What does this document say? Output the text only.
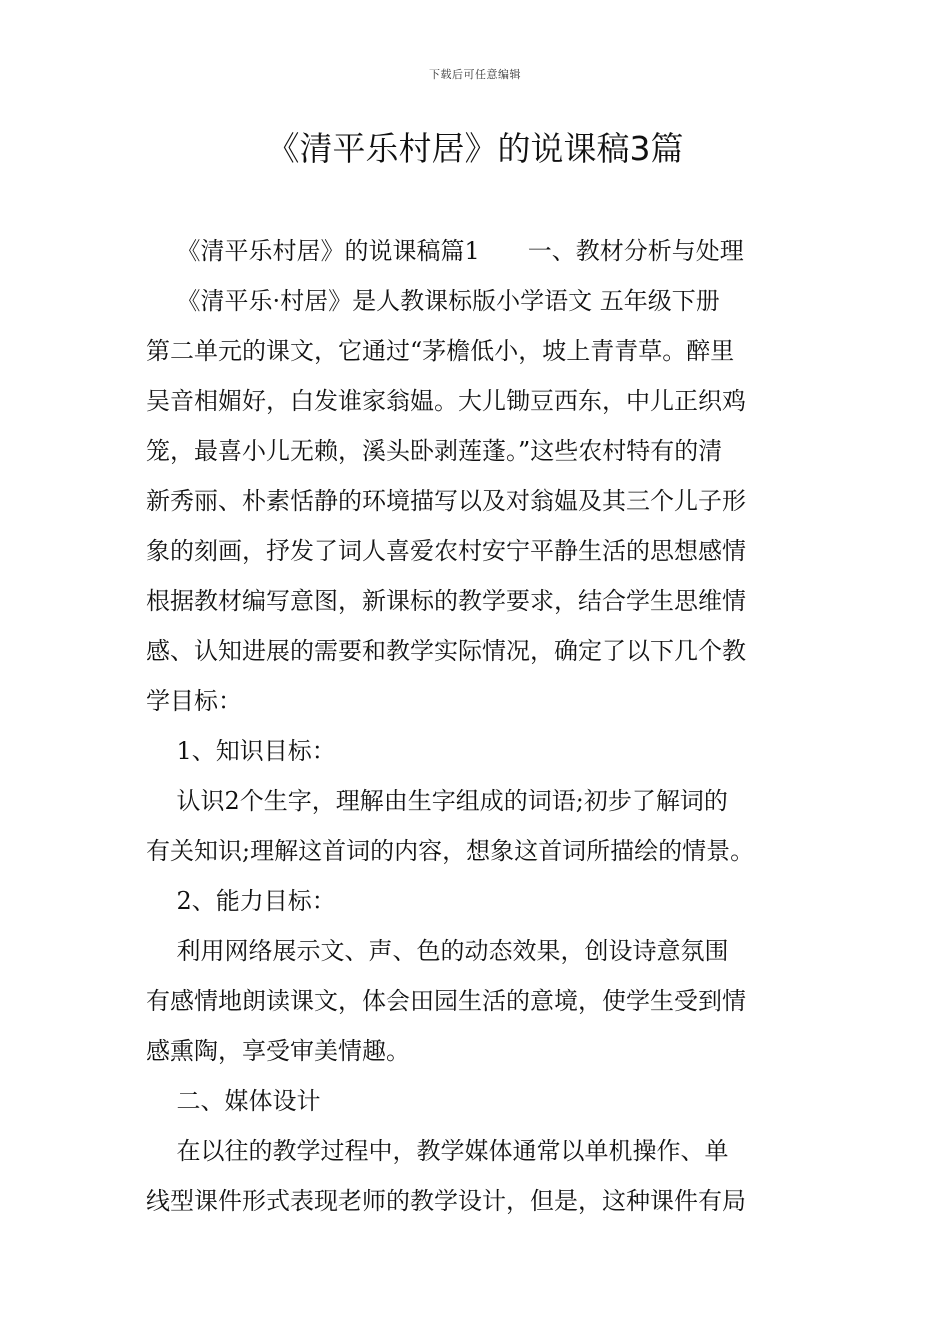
下载后可任意编辑
《清平乐村居》的说课稿3篇
《清平乐村居》的说课稿篇1　　一、教材分析与处理
《清平乐·村居》是人教课标版小学语文 五年级下册
第二单元的课文，它通过“茅檐低小，坡上青青草。醉里
吴音相媚好，白发谁家翁媪。大儿锄豆西东，中儿正织鸡
笼，最喜小儿无赖，溪头卧剥莲蓬。”这些农村特有的清
新秀丽、朴素恬静的环境描写以及对翁媪及其三个儿子形
象的刻画，抒发了词人喜爱农村安宁平静生活的思想感情
根据教材编写意图，新课标的教学要求，结合学生思维情
感、认知进展的需要和教学实际情况，确定了以下几个教
学目标：
1、知识目标：
认识2个生字，理解由生字组成的词语;初步了解词的
有关知识;理解这首词的内容，想象这首词所描绘的情景。
2、能力目标：
利用网络展示文、声、色的动态效果，创设诗意氛围
有感情地朗读课文，体会田园生活的意境，使学生受到情
感熏陶，享受审美情趣。
二、媒体设计
在以往的教学过程中，教学媒体通常以单机操作、单
线型课件形式表现老师的教学设计，但是，这种课件有局
